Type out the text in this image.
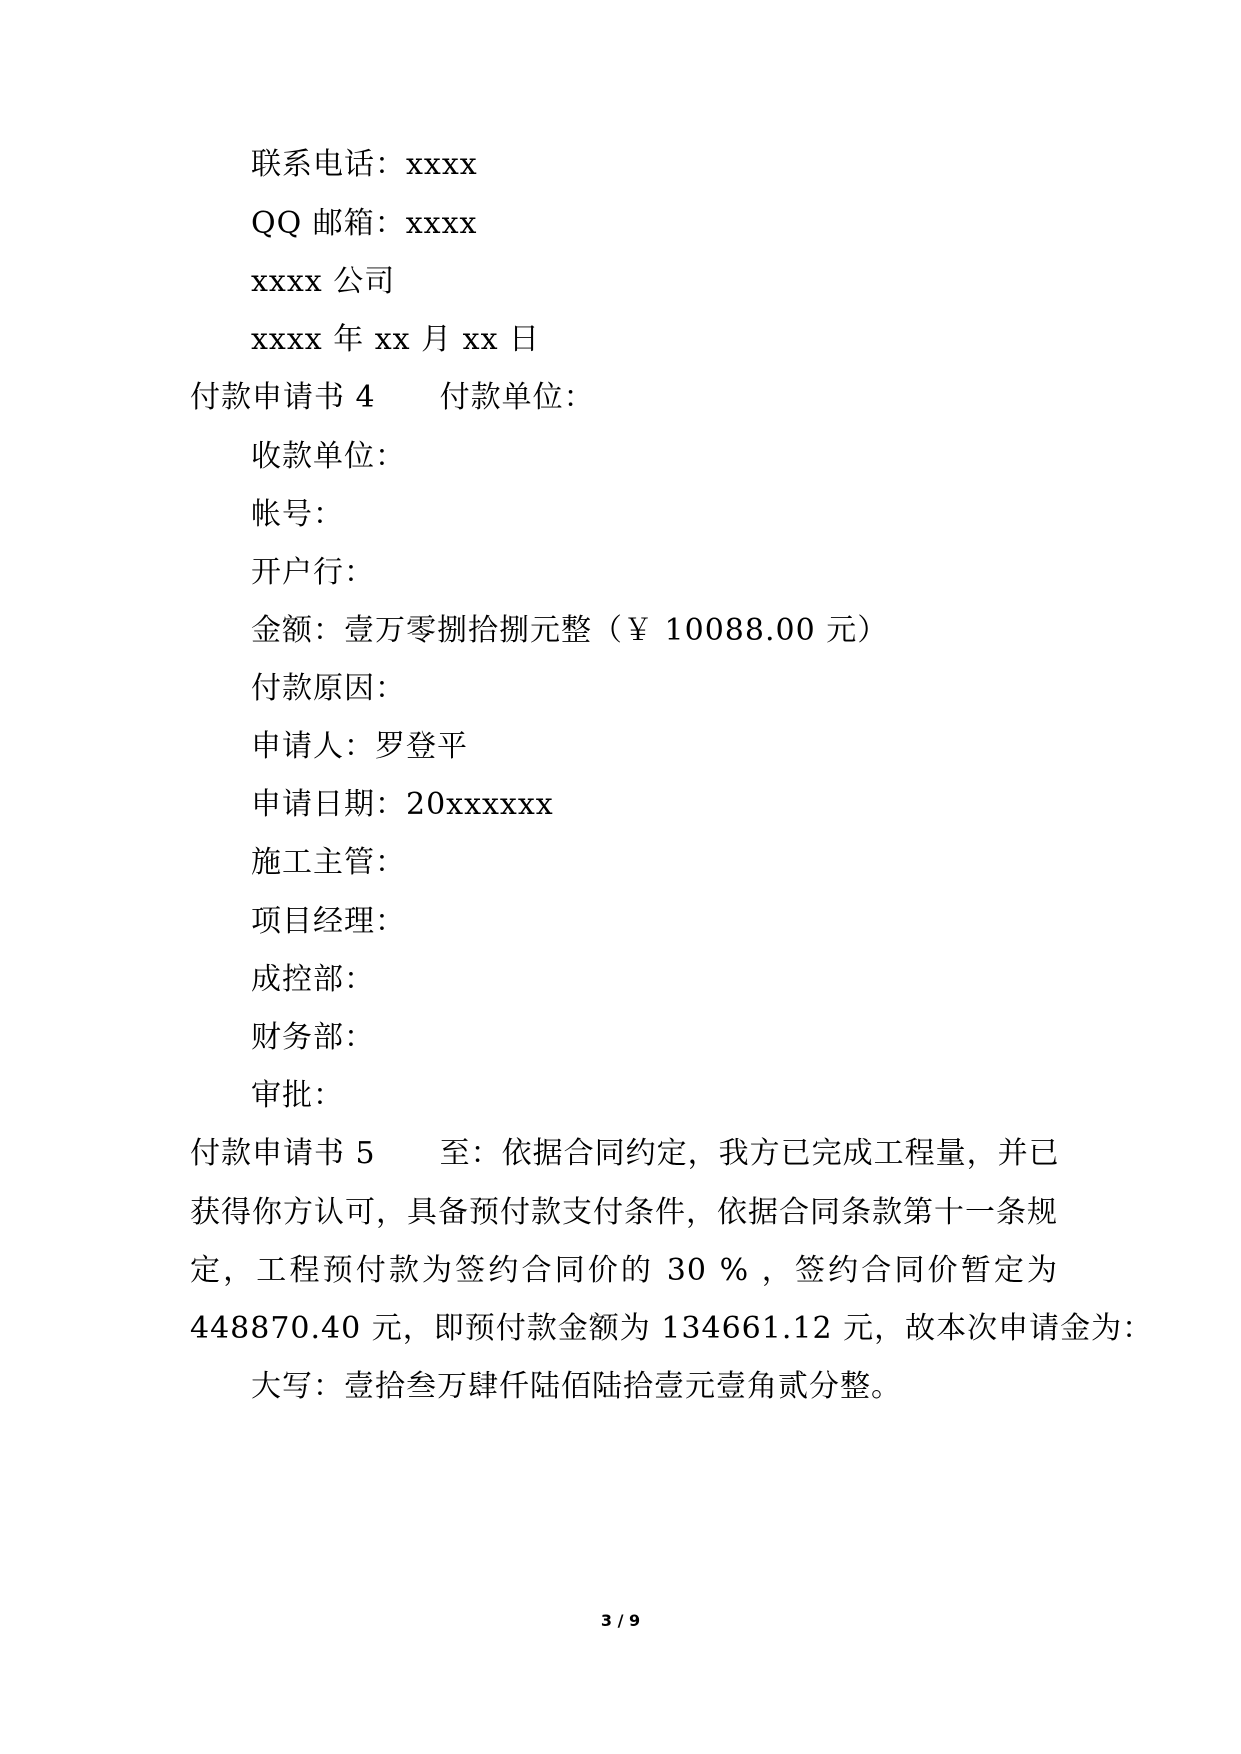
联系电话：xxxx
QQ 邮箱：xxxx
xxxx 公司
xxxx 年 xx 月 xx 日
付款申请书 4 付款单位：
收款单位：
帐号：
开户行：
金额：壹万零捌拾捌元整（￥ 10088.00 元）
付款原因：
申请人：罗登平
申请日期：20xxxxxx
施工主管：
项目经理：
成控部：
财务部：
审批：
付款申请书 5 至：依据合同约定，我方已完成工程量，并已
获得你方认可，具备预付款支付条件，依据合同条款第十一条规
定，工程预付款为签约合同价的 30 % ，签约合同价暂定为
448870.40 元，即预付款金额为 134661.12 元，故本次申请金为：
大写：壹拾叁万肆仟陆佰陆拾壹元壹角贰分整。
3 / 9
